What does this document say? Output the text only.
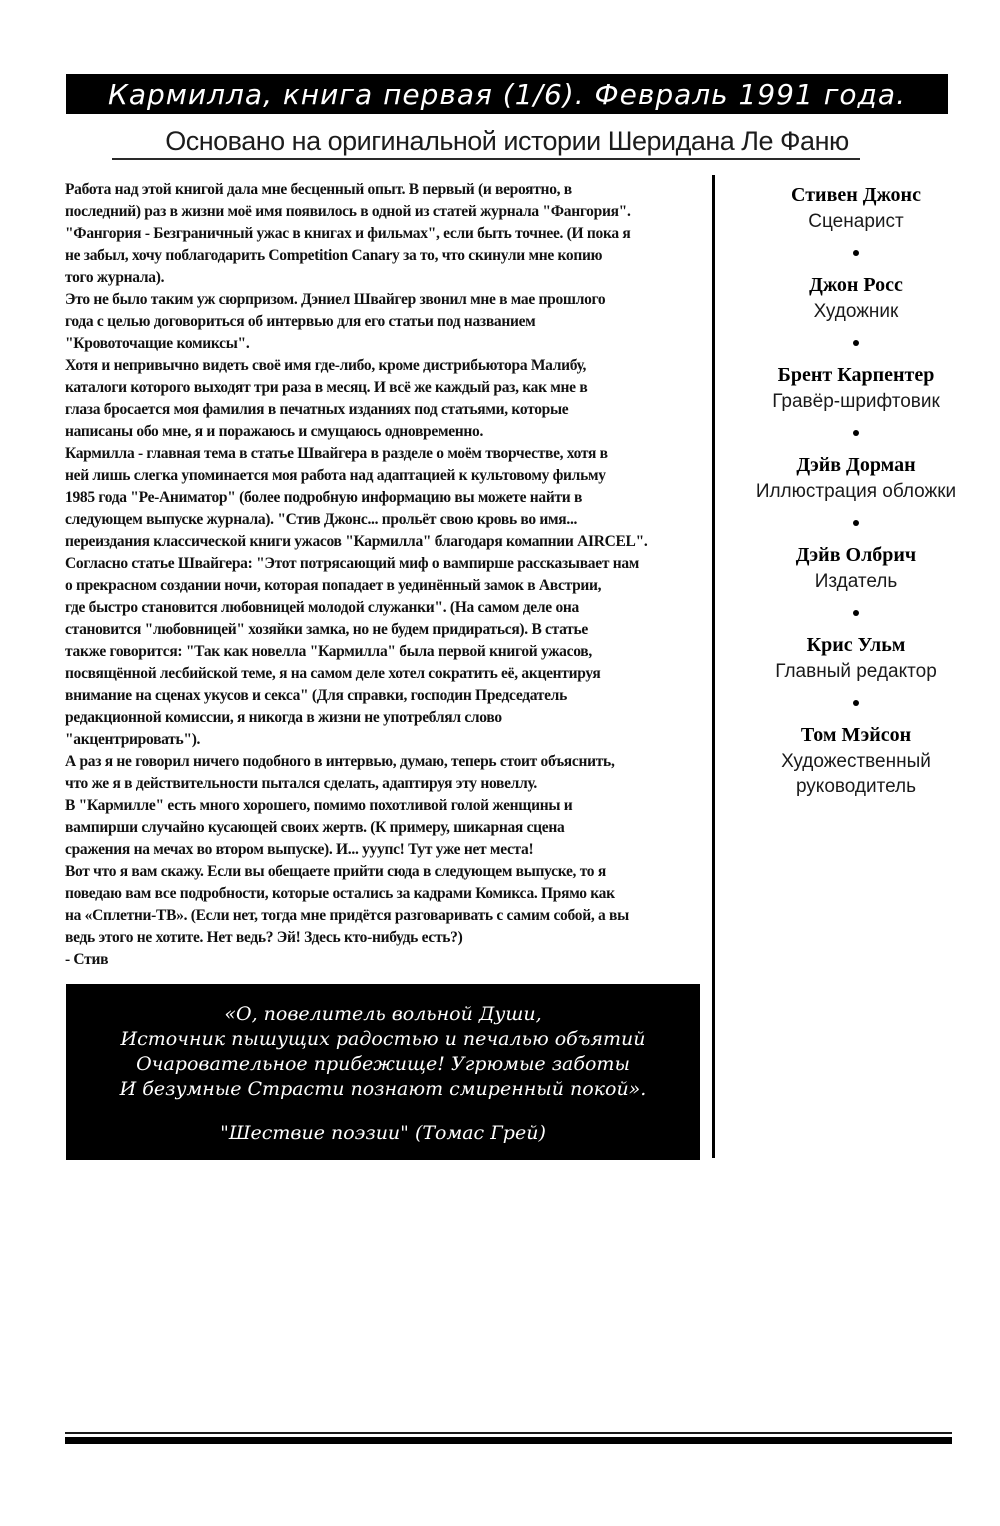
Кармилла, книга первая (1/6). Февраль 1991 года.
Основано на оригинальной истории Шеридана Ле Фаню
Работа над этой книгой дала мне бесценный опыт. В первый (и вероятно, в
последний) раз в жизни моё имя появилось в одной из статей журнала "Фангория".
"Фангория - Безграничный ужас в книгах и фильмах", если быть точнее. (И пока я
не забыл, хочу поблагодарить Competition Canary за то, что скинули мне копию
того журнала).
Это не было таким уж сюрпризом. Дэниел Швайгер звонил мне в мае прошлого
года с целью договориться об интервью для его статьи под названием
"Кровоточащие комиксы".
Хотя и непривычно видеть своё имя где-либо, кроме дистрибьютора Малибу,
каталоги которого выходят три раза в месяц. И всё же каждый раз, как мне в
глаза бросается моя фамилия в печатных изданиях под статьями, которые
написаны обо мне, я и поражаюсь и смущаюсь одновременно.
Кармилла - главная тема в статье Швайгера в разделе о моём творчестве, хотя в
ней лишь слегка упоминается моя работа над адаптацией к культовому фильму
1985 года "Ре-Аниматор" (более подробную информацию вы можете найти в
следующем выпуске журнала). "Стив Джонс... прольёт свою кровь во имя...
переиздания классической книги ужасов "Кармилла" благодаря комапнии AIRCEL".
Согласно статье Швайгера: "Этот потрясающий миф о вампирше рассказывает нам
о прекрасном создании ночи, которая попадает в уединённый замок в Австрии,
где быстро становится любовницей молодой служанки". (На самом деле она
становится "любовницей" хозяйки замка, но не будем придираться). В статье
также говорится: "Так как новелла "Кармилла" была первой книгой ужасов,
посвящённой лесбийской теме, я на самом деле хотел сократить её, акцентируя
внимание на сценах укусов и секса" (Для справки, господин Председатель
редакционной комиссии, я никогда в жизни не употреблял слово
"акцентрировать").
А раз я не говорил ничего подобного в интервью, думаю, теперь стоит объяснить,
что же я в действительности пытался сделать, адаптируя эту новеллу.
В "Кармилле" есть много хорошего, помимо похотливой голой женщины и
вампирши случайно кусающей своих жертв. (К примеру, шикарная сцена
сражения на мечах во втором выпуске). И... ууупс! Тут уже нет места!
Вот что я вам скажу. Если вы обещаете прийти сюда в следующем выпуске, то я
поведаю вам все подробности, которые остались за кадрами Комикса. Прямо как
на «Сплетни-ТВ». (Если нет, тогда мне придётся разговаривать с самим собой, а вы
ведь этого не хотите. Нет ведь? Эй! Здесь кто-нибудь есть?)
- Стив
Стивен Джонс
Сценарист
Джон Росс
Художник
Брент Карпентер
Гравёр-шрифтовик
Дэйв Дорман
Иллюстрация обложки
Дэйв Олбрич
Издатель
Крис Ульм
Главный редактор
Том Мэйсон
Художественный руководитель
«О, повелитель вольной Души,
Источник пышущих радостью и печалью объятий
Очаровательное прибежище! Угрюмые заботы
И безумные Страсти познают смиренный покой».
"Шествие поэзии" (Томас Грей)
